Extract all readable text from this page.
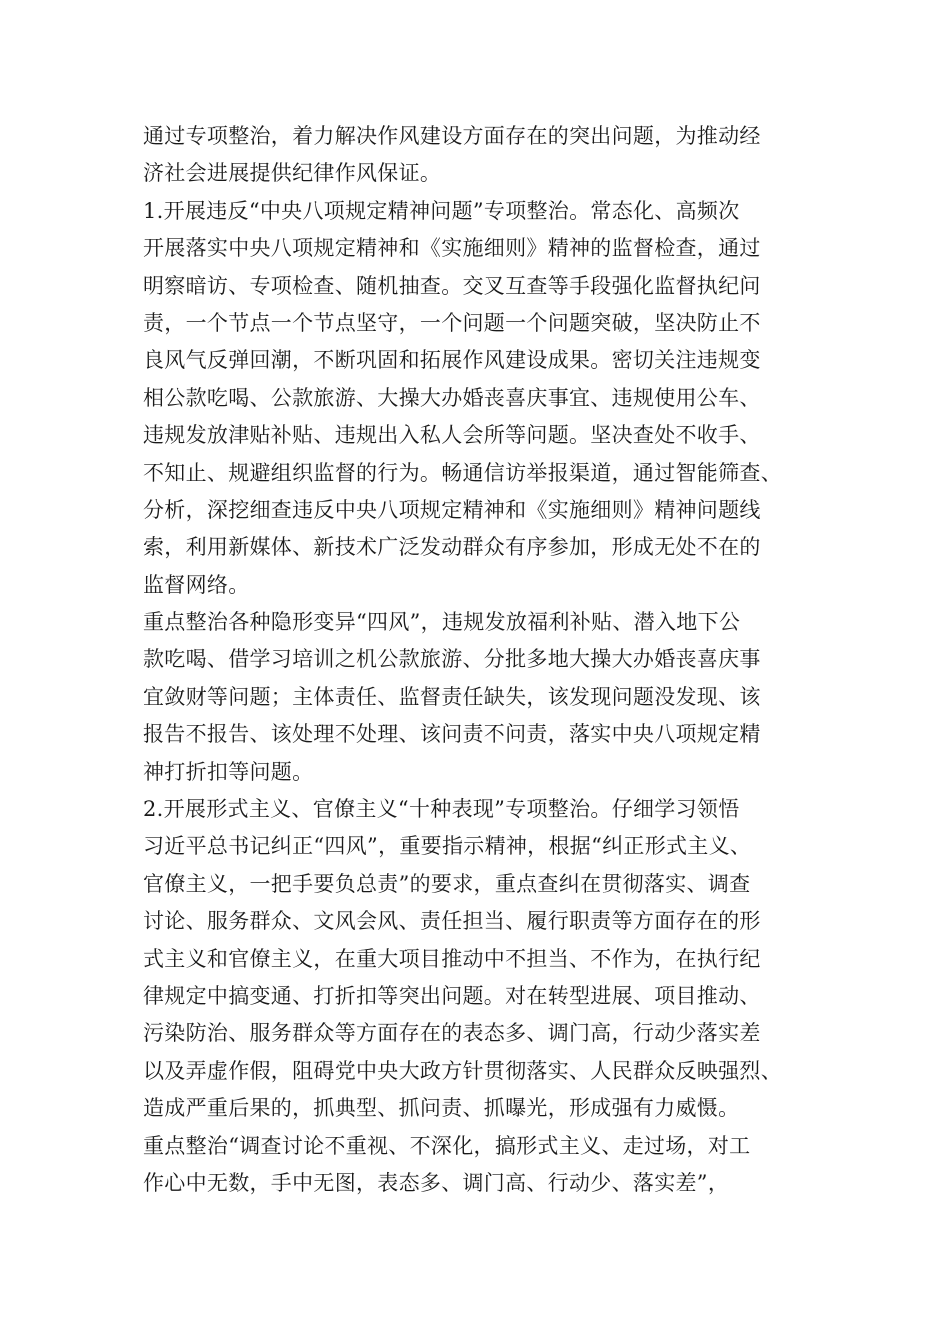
通过专项整治，着力解决作风建设方面存在的突出问题，为推动经
济社会进展提供纪律作风保证。
1.开展违反“中央八项规定精神问题”专项整治。常态化、高频次
开展落实中央八项规定精神和《实施细则》精神的监督检查，通过
明察暗访、专项检查、随机抽查。交叉互查等手段强化监督执纪问
责，一个节点一个节点坚守，一个问题一个问题突破，坚决防止不
良风气反弹回潮，不断巩固和拓展作风建设成果。密切关注违规变
相公款吃喝、公款旅游、大操大办婚丧喜庆事宜、违规使用公车、
违规发放津贴补贴、违规出入私人会所等问题。坚决查处不收手、
不知止、规避组织监督的行为。畅通信访举报渠道，通过智能筛查、
分析，深挖细查违反中央八项规定精神和《实施细则》精神问题线
索，利用新媒体、新技术广泛发动群众有序参加，形成无处不在的
监督网络。
重点整治各种隐形变异“四风”，违规发放福利补贴、潜入地下公
款吃喝、借学习培训之机公款旅游、分批多地大操大办婚丧喜庆事
宜敛财等问题；主体责任、监督责任缺失，该发现问题没发现、该
报告不报告、该处理不处理、该问责不问责，落实中央八项规定精
神打折扣等问题。
2.开展形式主义、官僚主义“十种表现”专项整治。仔细学习领悟
习近平总书记纠正“四风”，重要指示精神，根据“纠正形式主义、
官僚主义，一把手要负总责”的要求，重点查纠在贯彻落实、调查
讨论、服务群众、文风会风、责任担当、履行职责等方面存在的形
式主义和官僚主义，在重大项目推动中不担当、不作为，在执行纪
律规定中搞变通、打折扣等突出问题。对在转型进展、项目推动、
污染防治、服务群众等方面存在的表态多、调门高，行动少落实差
以及弄虚作假，阻碍党中央大政方针贯彻落实、人民群众反映强烈、
造成严重后果的，抓典型、抓问责、抓曝光，形成强有力威慑。
重点整治“调查讨论不重视、不深化，搞形式主义、走过场，对工
作心中无数，手中无图，表态多、调门高、行动少、落实差”，
